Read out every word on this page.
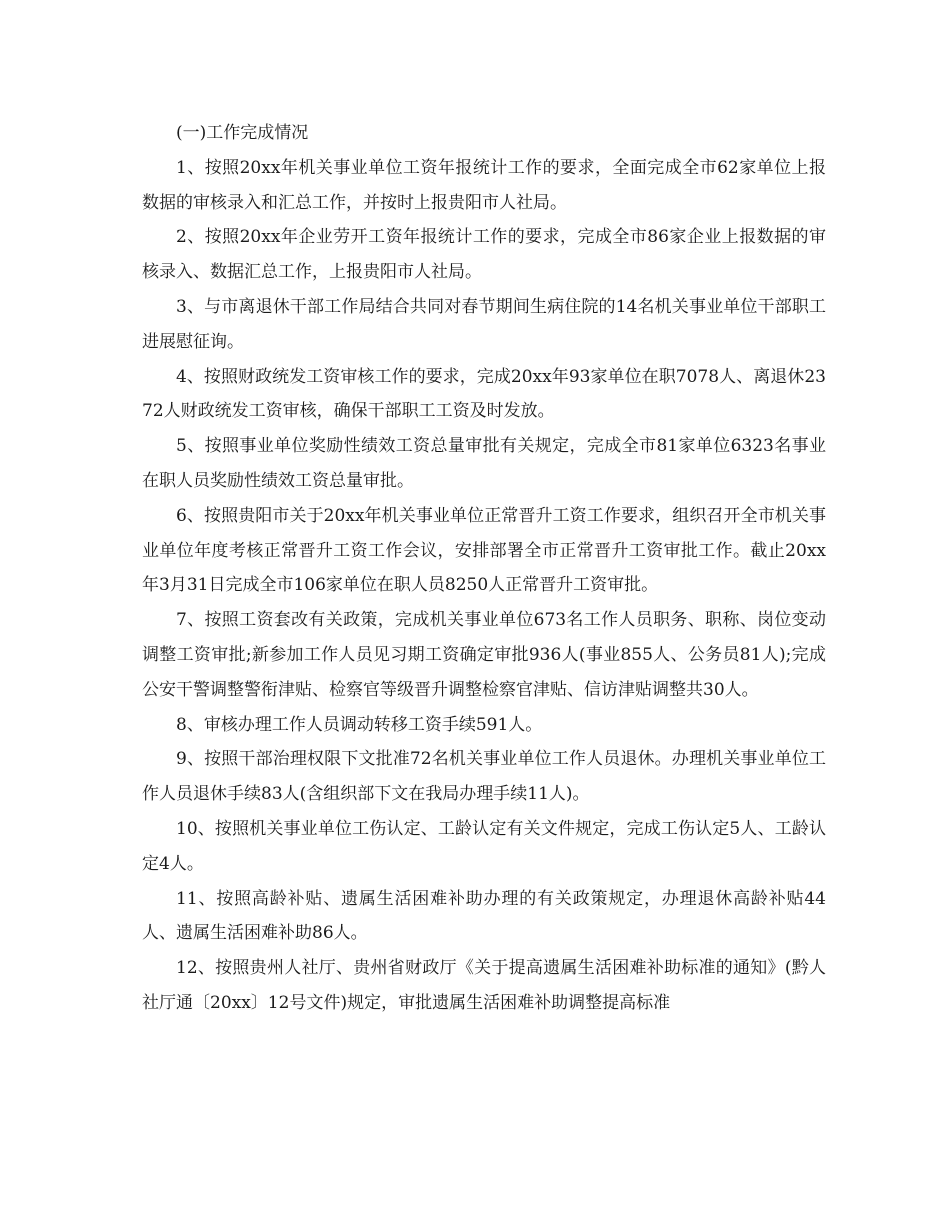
(一)工作完成情况

1、按照20xx年机关事业单位工资年报统计工作的要求，全面完成全市62家单位上报数据的审核录入和汇总工作，并按时上报贵阳市人社局。

2、按照20xx年企业劳开工资年报统计工作的要求，完成全市86家企业上报数据的审核录入、数据汇总工作，上报贵阳市人社局。

3、与市离退休干部工作局结合共同对春节期间生病住院的14名机关事业单位干部职工进展慰征询。

4、按照财政统发工资审核工作的要求，完成20xx年93家单位在职7078人、离退休2372人财政统发工资审核，确保干部职工工资及时发放。

5、按照事业单位奖励性绩效工资总量审批有关规定，完成全市81家单位6323名事业在职人员奖励性绩效工资总量审批。

6、按照贵阳市关于20xx年机关事业单位正常晋升工资工作要求，组织召开全市机关事业单位年度考核正常晋升工资工作会议，安排部署全市正常晋升工资审批工作。截止20xx年3月31日完成全市106家单位在职人员8250人正常晋升工资审批。

7、按照工资套改有关政策，完成机关事业单位673名工作人员职务、职称、岗位变动调整工资审批;新参加工作人员见习期工资确定审批936人(事业855人、公务员81人);完成公安干警调整警衔津贴、检察官等级晋升调整检察官津贴、信访津贴调整共30人。

8、审核办理工作人员调动转移工资手续591人。

9、按照干部治理权限下文批准72名机关事业单位工作人员退休。办理机关事业单位工作人员退休手续83人(含组织部下文在我局办理手续11人)。

10、按照机关事业单位工伤认定、工龄认定有关文件规定，完成工伤认定5人、工龄认定4人。

11、按照高龄补贴、遗属生活困难补助办理的有关政策规定，办理退休高龄补贴44人、遗属生活困难补助86人。

12、按照贵州人社厅、贵州省财政厅《关于提高遗属生活困难补助标准的通知》(黔人社厅通〔20xx〕12号文件)规定，审批遗属生活困难补助调整提高标准
